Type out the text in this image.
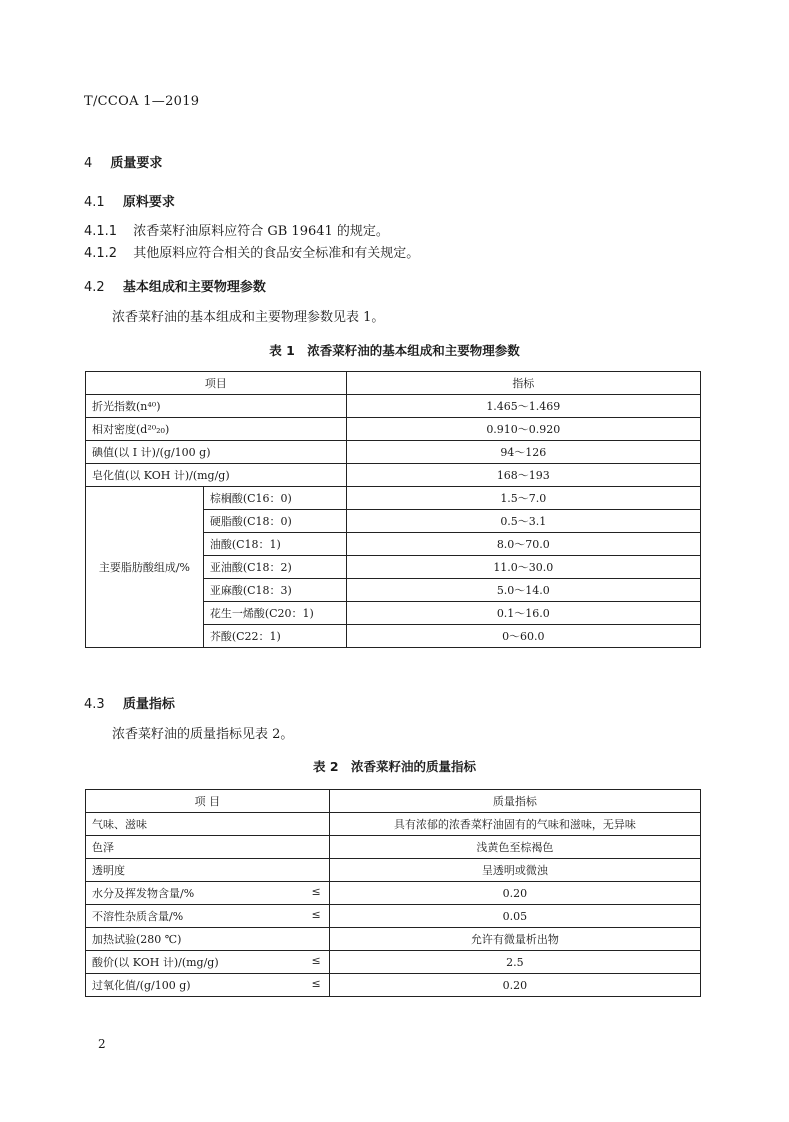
T/CCOA 1—2019
4 质量要求
4.1 原料要求
4.1.1 浓香菜籽油原料应符合 GB 19641 的规定。
4.1.2 其他原料应符合相关的食品安全标准和有关规定。
4.2 基本组成和主要物理参数
浓香菜籽油的基本组成和主要物理参数见表 1。
表 1 浓香菜籽油的基本组成和主要物理参数
项目		指标
折光指数(n⁴⁰)		1.465～1.469
相对密度(d²⁰₂₀)		0.910～0.920
碘值(以 I 计)/(g/100 g)		94～126
皂化值(以 KOH 计)/(mg/g)		168～193
主要脂肪酸组成/%	棕榈酸(C16：0)	1.5～7.0
	硬脂酸(C18：0)	0.5～3.1
	油酸(C18：1)	8.0～70.0
	亚油酸(C18：2)	11.0～30.0
	亚麻酸(C18：3)	5.0～14.0
	花生一烯酸(C20：1)	0.1～16.0
	芥酸(C22：1)	0～60.0
4.3 质量指标
浓香菜籽油的质量指标见表 2。
表 2 浓香菜籽油的质量指标
项 目	质量指标
气味、滋味	具有浓郁的浓香菜籽油固有的气味和滋味，无异味
色泽	浅黄色至棕褐色
透明度	呈透明或微浊
水分及挥发物含量/% ≤	0.20
不溶性杂质含量/% ≤	0.05
加热试验(280 ℃)	允许有微量析出物
酸价(以 KOH 计)/(mg/g) ≤	2.5
过氧化值/(g/100 g) ≤	0.20
2
